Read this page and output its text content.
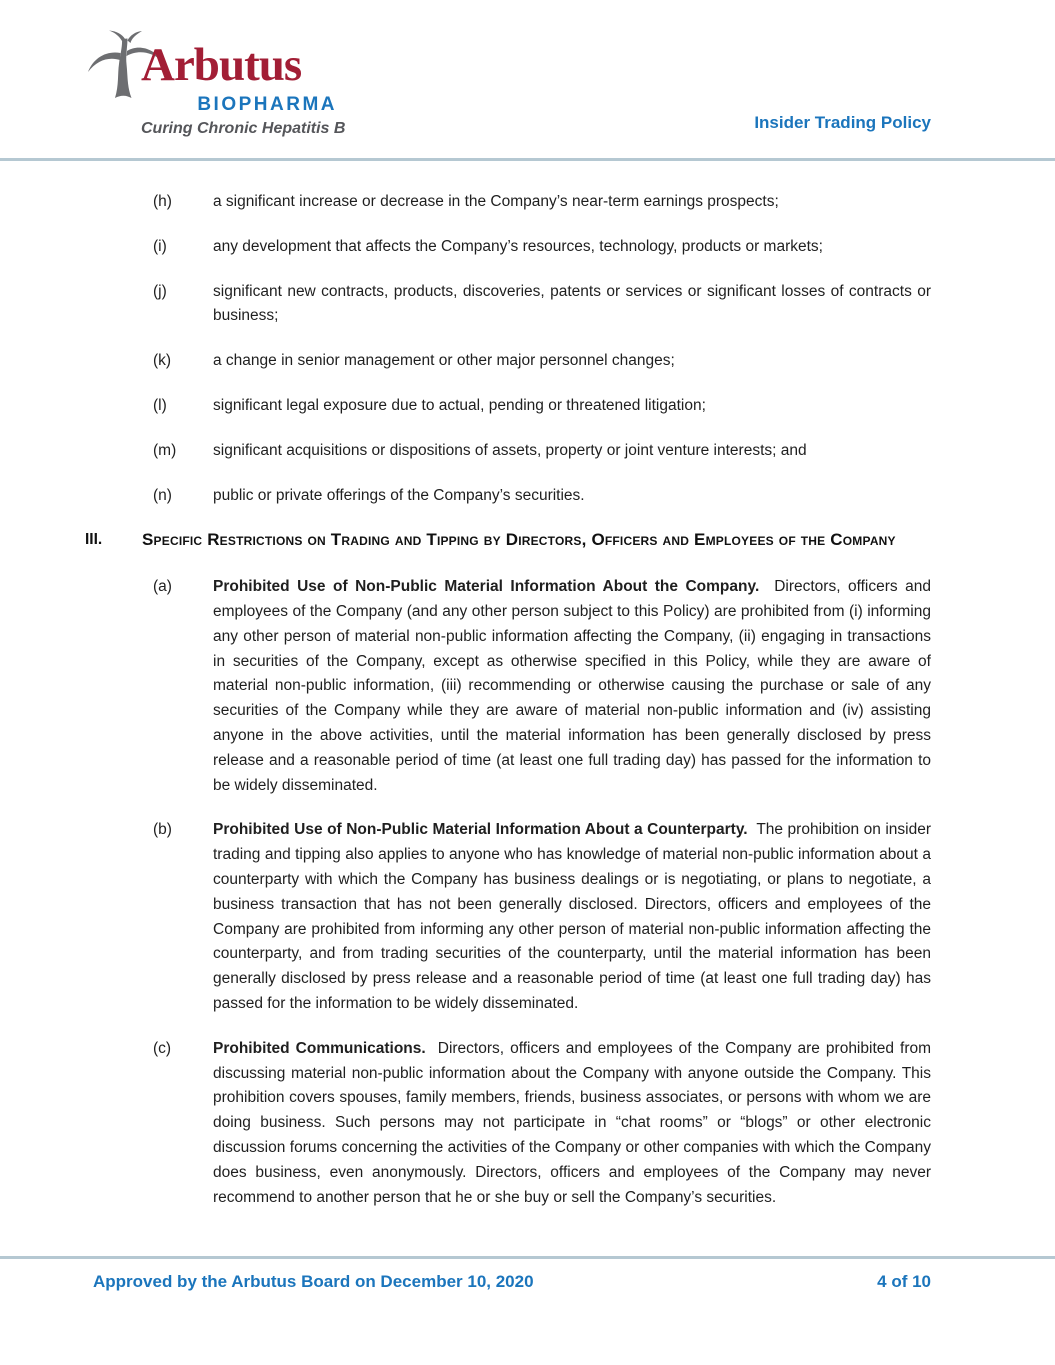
Arbutus
BIOPHARMA
Curing Chronic Hepatitis B	Insider Trading Policy
(h)	a significant increase or decrease in the Company’s near-term earnings prospects;
(i)	any development that affects the Company’s resources, technology, products or markets;
(j)	significant new contracts, products, discoveries, patents or services or significant losses of contracts or business;
(k)	a change in senior management or other major personnel changes;
(l)	significant legal exposure due to actual, pending or threatened litigation;
(m)	significant acquisitions or dispositions of assets, property or joint venture interests; and
(n)	public or private offerings of the Company’s securities.
III.	Specific Restrictions on Trading and Tipping by Directors, Officers and Employees of the Company
(a)	Prohibited Use of Non-Public Material Information About the Company. Directors, officers and employees of the Company (and any other person subject to this Policy) are prohibited from (i) informing any other person of material non-public information affecting the Company, (ii) engaging in transactions in securities of the Company, except as otherwise specified in this Policy, while they are aware of material non-public information, (iii) recommending or otherwise causing the purchase or sale of any securities of the Company while they are aware of material non-public information and (iv) assisting anyone in the above activities, until the material information has been generally disclosed by press release and a reasonable period of time (at least one full trading day) has passed for the information to be widely disseminated.
(b)	Prohibited Use of Non-Public Material Information About a Counterparty. The prohibition on insider trading and tipping also applies to anyone who has knowledge of material non-public information about a counterparty with which the Company has business dealings or is negotiating, or plans to negotiate, a business transaction that has not been generally disclosed. Directors, officers and employees of the Company are prohibited from informing any other person of material non-public information affecting the counterparty, and from trading securities of the counterparty, until the material information has been generally disclosed by press release and a reasonable period of time (at least one full trading day) has passed for the information to be widely disseminated.
(c)	Prohibited Communications. Directors, officers and employees of the Company are prohibited from discussing material non-public information about the Company with anyone outside the Company. This prohibition covers spouses, family members, friends, business associates, or persons with whom we are doing business. Such persons may not participate in “chat rooms” or “blogs” or other electronic discussion forums concerning the activities of the Company or other companies with which the Company does business, even anonymously. Directors, officers and employees of the Company may never recommend to another person that he or she buy or sell the Company’s securities.
Approved by the Arbutus Board on December 10, 2020	4 of 10
